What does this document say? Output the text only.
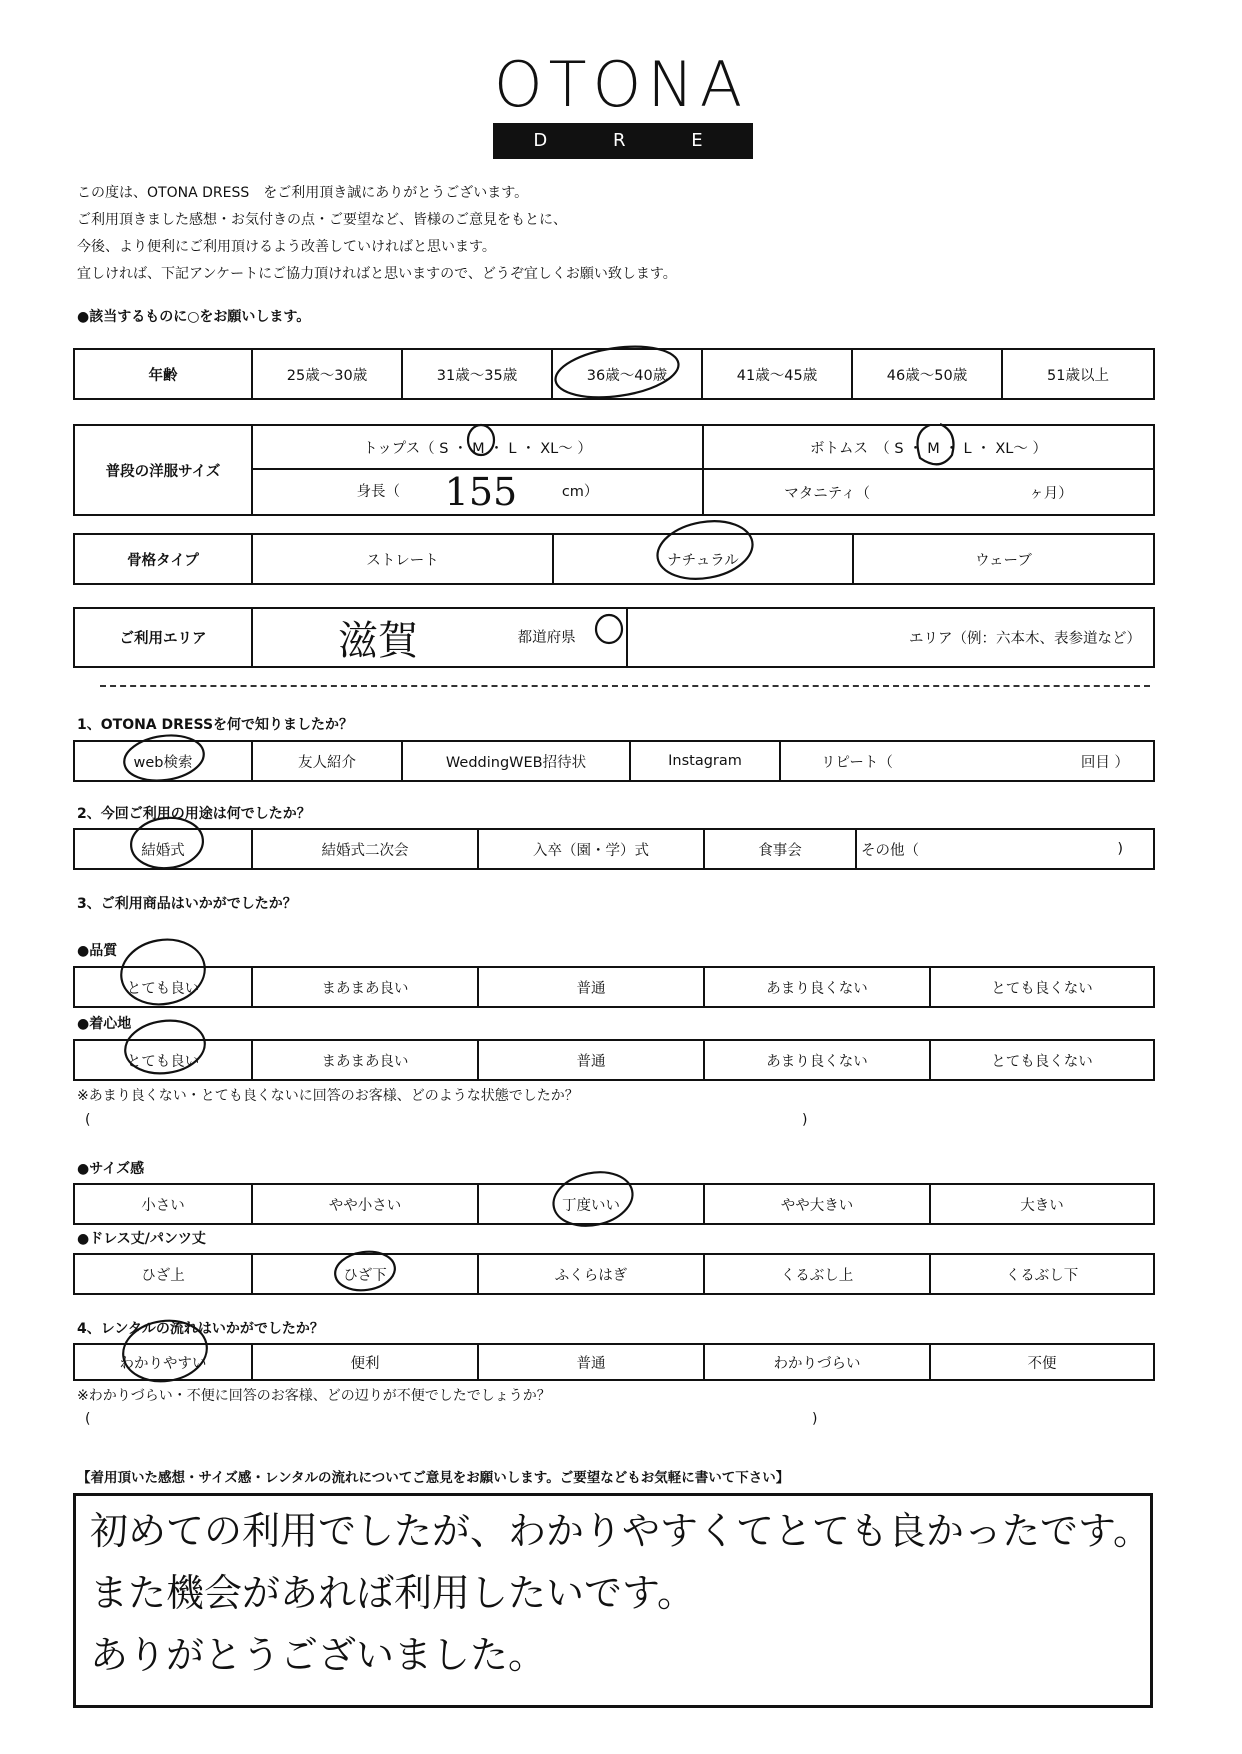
OTONA
D R E S S
この度は、OTONA DRESS　をご利用頂き誠にありがとうございます。
ご利用頂きました感想・お気付きの点・ご要望など、皆様のご意見をもとに、
今後、より便利にご利用頂けるよう改善していければと思います。
宜しければ、下記アンケートにご協力頂ければと思いますので、どうぞ宜しくお願い致します。
●該当するものに○をお願いします。
年齢	25歳～30歳	31歳～35歳	36歳～40歳	41歳～45歳	46歳～50歳	51歳以上
普段の洋服サイズ	トップス（ S ・ M ・ L ・ XL～ ）	ボトムス　（ S ・ M ・ L ・ XL～ ）
	身長（ 155 cm）	マタニティ（ ヶ月）
骨格タイプ	ストレート	ナチュラル	ウェーブ
ご利用エリア	滋賀	都道府県	エリア（例：六本木、表参道など）
1、OTONA DRESSを何で知りましたか？
web検索	友人紹介	WeddingWEB招待状	Instagram	リピート（	回目 ）
2、今回ご利用の用途は何でしたか？
結婚式	結婚式二次会	入卒（園・学）式	食事会	その他（	)
3、ご利用商品はいかがでしたか？
●品質
とても良い	まあまあ良い	普通	あまり良くない	とても良くない
●着心地
とても良い	まあまあ良い	普通	あまり良くない	とても良くない
※あまり良くない・とても良くないに回答のお客様、どのような状態でしたか？
(	)
●サイズ感
小さい	やや小さい	丁度いい	やや大きい	大きい
●ドレス丈/パンツ丈
ひざ上	ひざ下	ふくらはぎ	くるぶし上	くるぶし下
4、レンタルの流れはいかがでしたか？
わかりやすい	便利	普通	わかりづらい	不便
※わかりづらい・不便に回答のお客様、どの辺りが不便でしたでしょうか？
(	)
【着用頂いた感想・サイズ感・レンタルの流れについてご意見をお願いします。ご要望などもお気軽に書いて下さい】
初めての利用でしたが、わかりやすくてとても良かったです。
また機会があれば利用したいです。
ありがとうございました。
